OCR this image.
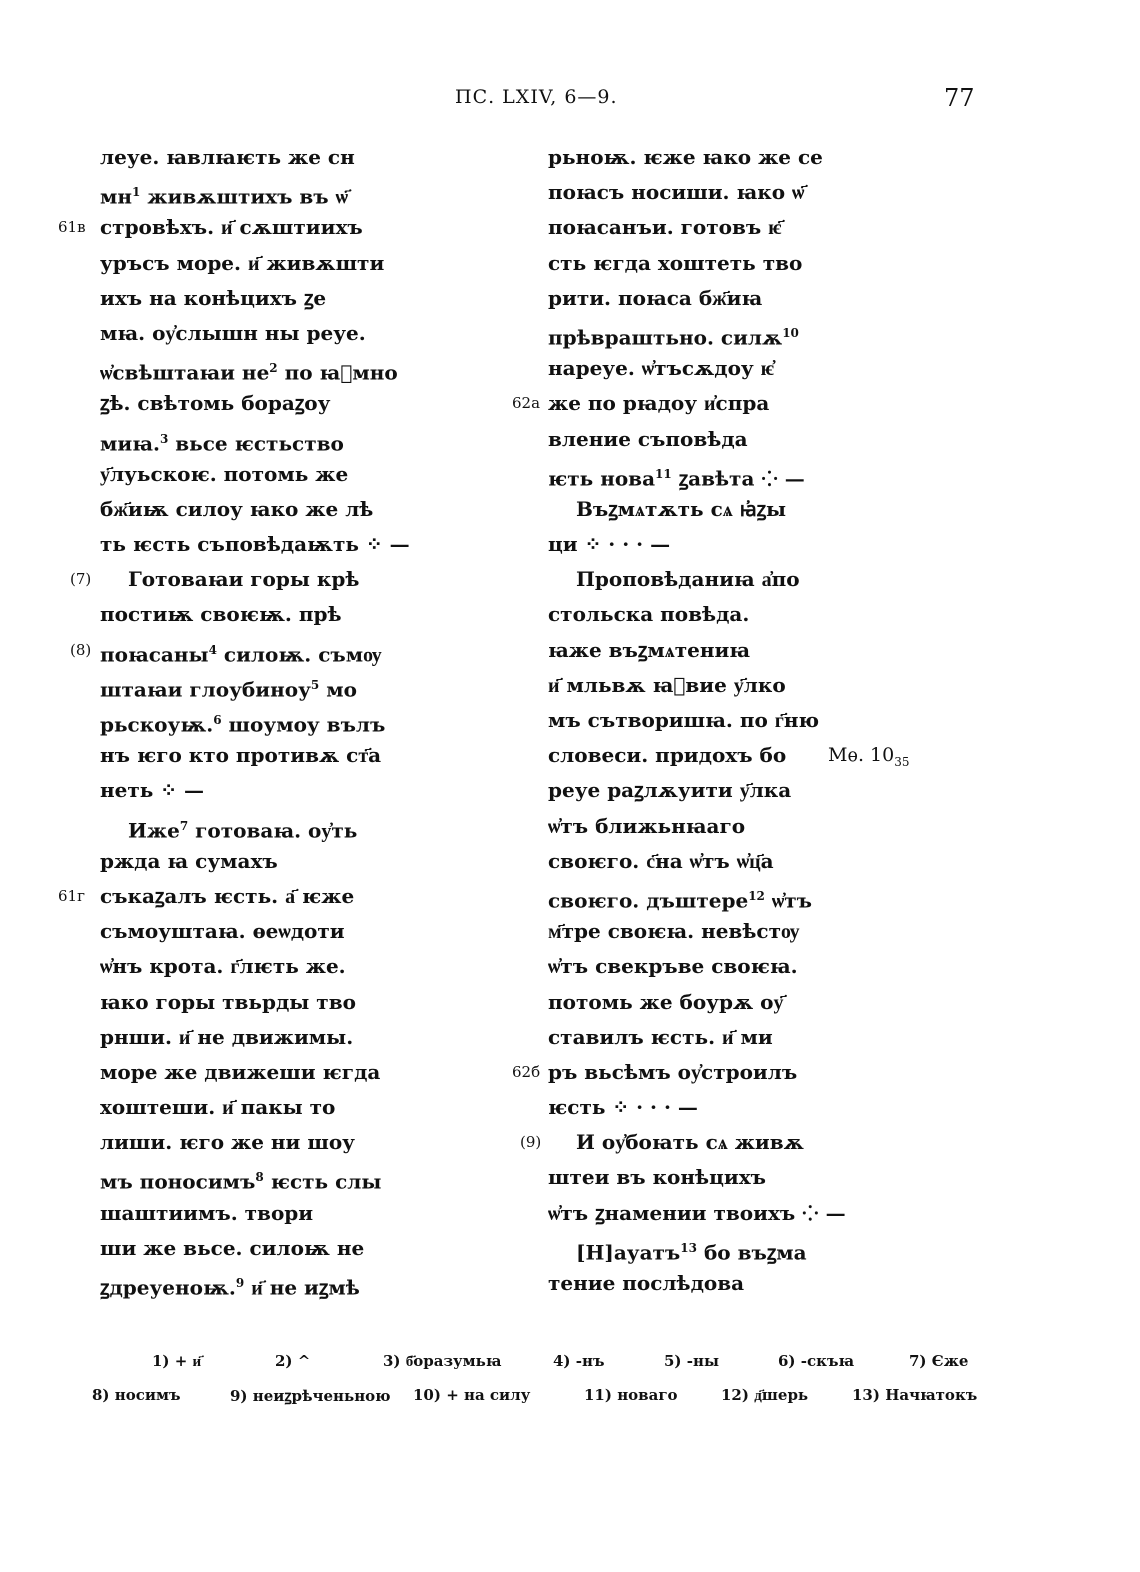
ПС. LXIV, 6—9.	77
леуе. ꙗвлꙗѥть же сн
$мн^1$ живѫштихъ въ ѡ҃
стровѣхъ. и҃ сѫштиихъ
61в
уръсъ море. и҃ живѫшти
ихъ на конѣцихъ ꙁе
мꙗ. оу҆слышн ны реуе.
ѡ҆свѣштаꙗи $не^2$ по ꙗ҆мно
ꙁѣ. свѣтомь бораꙁоу
миꙗ.$^3$ вьсе ѥстьство
у҃луьскоѥ. потомь же
бж҃иѭ силоу ꙗко же лѣ
ть ѥсть съповѣдаѭть ⁘ —
Готоваꙗи горы крѣ
(7)
постиѭ своѥѭ. прѣ
поꙗсаны$^4$ силоѭ. съмѹ
(8)
штаꙗи глоубиноу$^5$ мо
рьскоуѭ.$^6$ шоумоу вълъ
нъ ѥго кто противѫ ст҃а
неть ⁘ —
Иже$^7$ готоваꙗ. оу҆ть
ржда ꙗ сумахъ
съкаꙁалъ ѥсть. а҃ ѥже
61г
съмоуштаꙗ. ѳеѡдоти
ѡ҆нъ крота. г҃лѥть же.
ꙗко горы твьрды тво
рнши. и҃ не движимы.
море же движеши ѥгда
хоштеши. и҃ пакы то
лиши. ѥго же ни шоу
мъ поносимъ$^8$ ѥсть слы
шаштиимъ. твори
ши же вьсе. силоѭ не
ꙁдреуеноѭ.$^9$ и҃ не иꙁмѣ
рьноѭ. ѥже ꙗко же се
поꙗсъ носиши. ꙗко ѡ҃
поꙗсанъи. готовъ ѥ҃
сть ѥгда хоштеть тво
рити. поꙗса бж҃иꙗ
прѣвраштьно. силѫ$^{10}$
нареуе. ѡ҆тъсѫдоу ѥ҆
же по рꙗдоу и҆спра
62а
вление съповѣда
ѥть нова$^{11}$ ꙁавѣта ⁘ —
Въꙁмѧтѫть сѧ ꙗ҆ꙁы
ци ⁘ · · · —
Проповѣданиꙗ а҆по
стольска повѣда.
ꙗже въꙁмѧтениꙗ
и҃ мльвѫ ꙗ҆вие у҃лко
мъ сътворишꙗ. по г҃ню
словеси. придохъ бо
реуе раꙁлѫуити у҃лка
ѡ҆тъ ближьнꙗаго
своѥго. с҃на ѡ҆тъ ѡ҆ц҃а
своѥго. дъштере$^{12}$ ѡ҆тъ
м҃тре своѥꙗ. невѣстѹ
ѡ҆тъ свекръве своѥꙗ.
потомь же боурѫ оу҃
ставилъ ѥсть. и҃ ми
ръ вьсѣмъ оу҆строилъ
62б
ѥсть ⁘ · · · —
И оу҆боꙗть сѧ живѫ
(9)
штеи въ конѣцихъ
ѡ҆тъ ꙁнамении твоихъ ⁘ —
[Н]ауатъ$^{13}$ бо въꙁма
тение послѣдова
1) + и҃	2) ^	3) б҃оразумьꙗ	4) -нъ	5) -ны	6) -скъꙗ	7) Єже
8) носимъ	9) неиꙁрѣченьною 10) + на силу	11) новаго	12) д҃шерь	13) Начꙗтокъ
Мѳ. $10_{35}$
